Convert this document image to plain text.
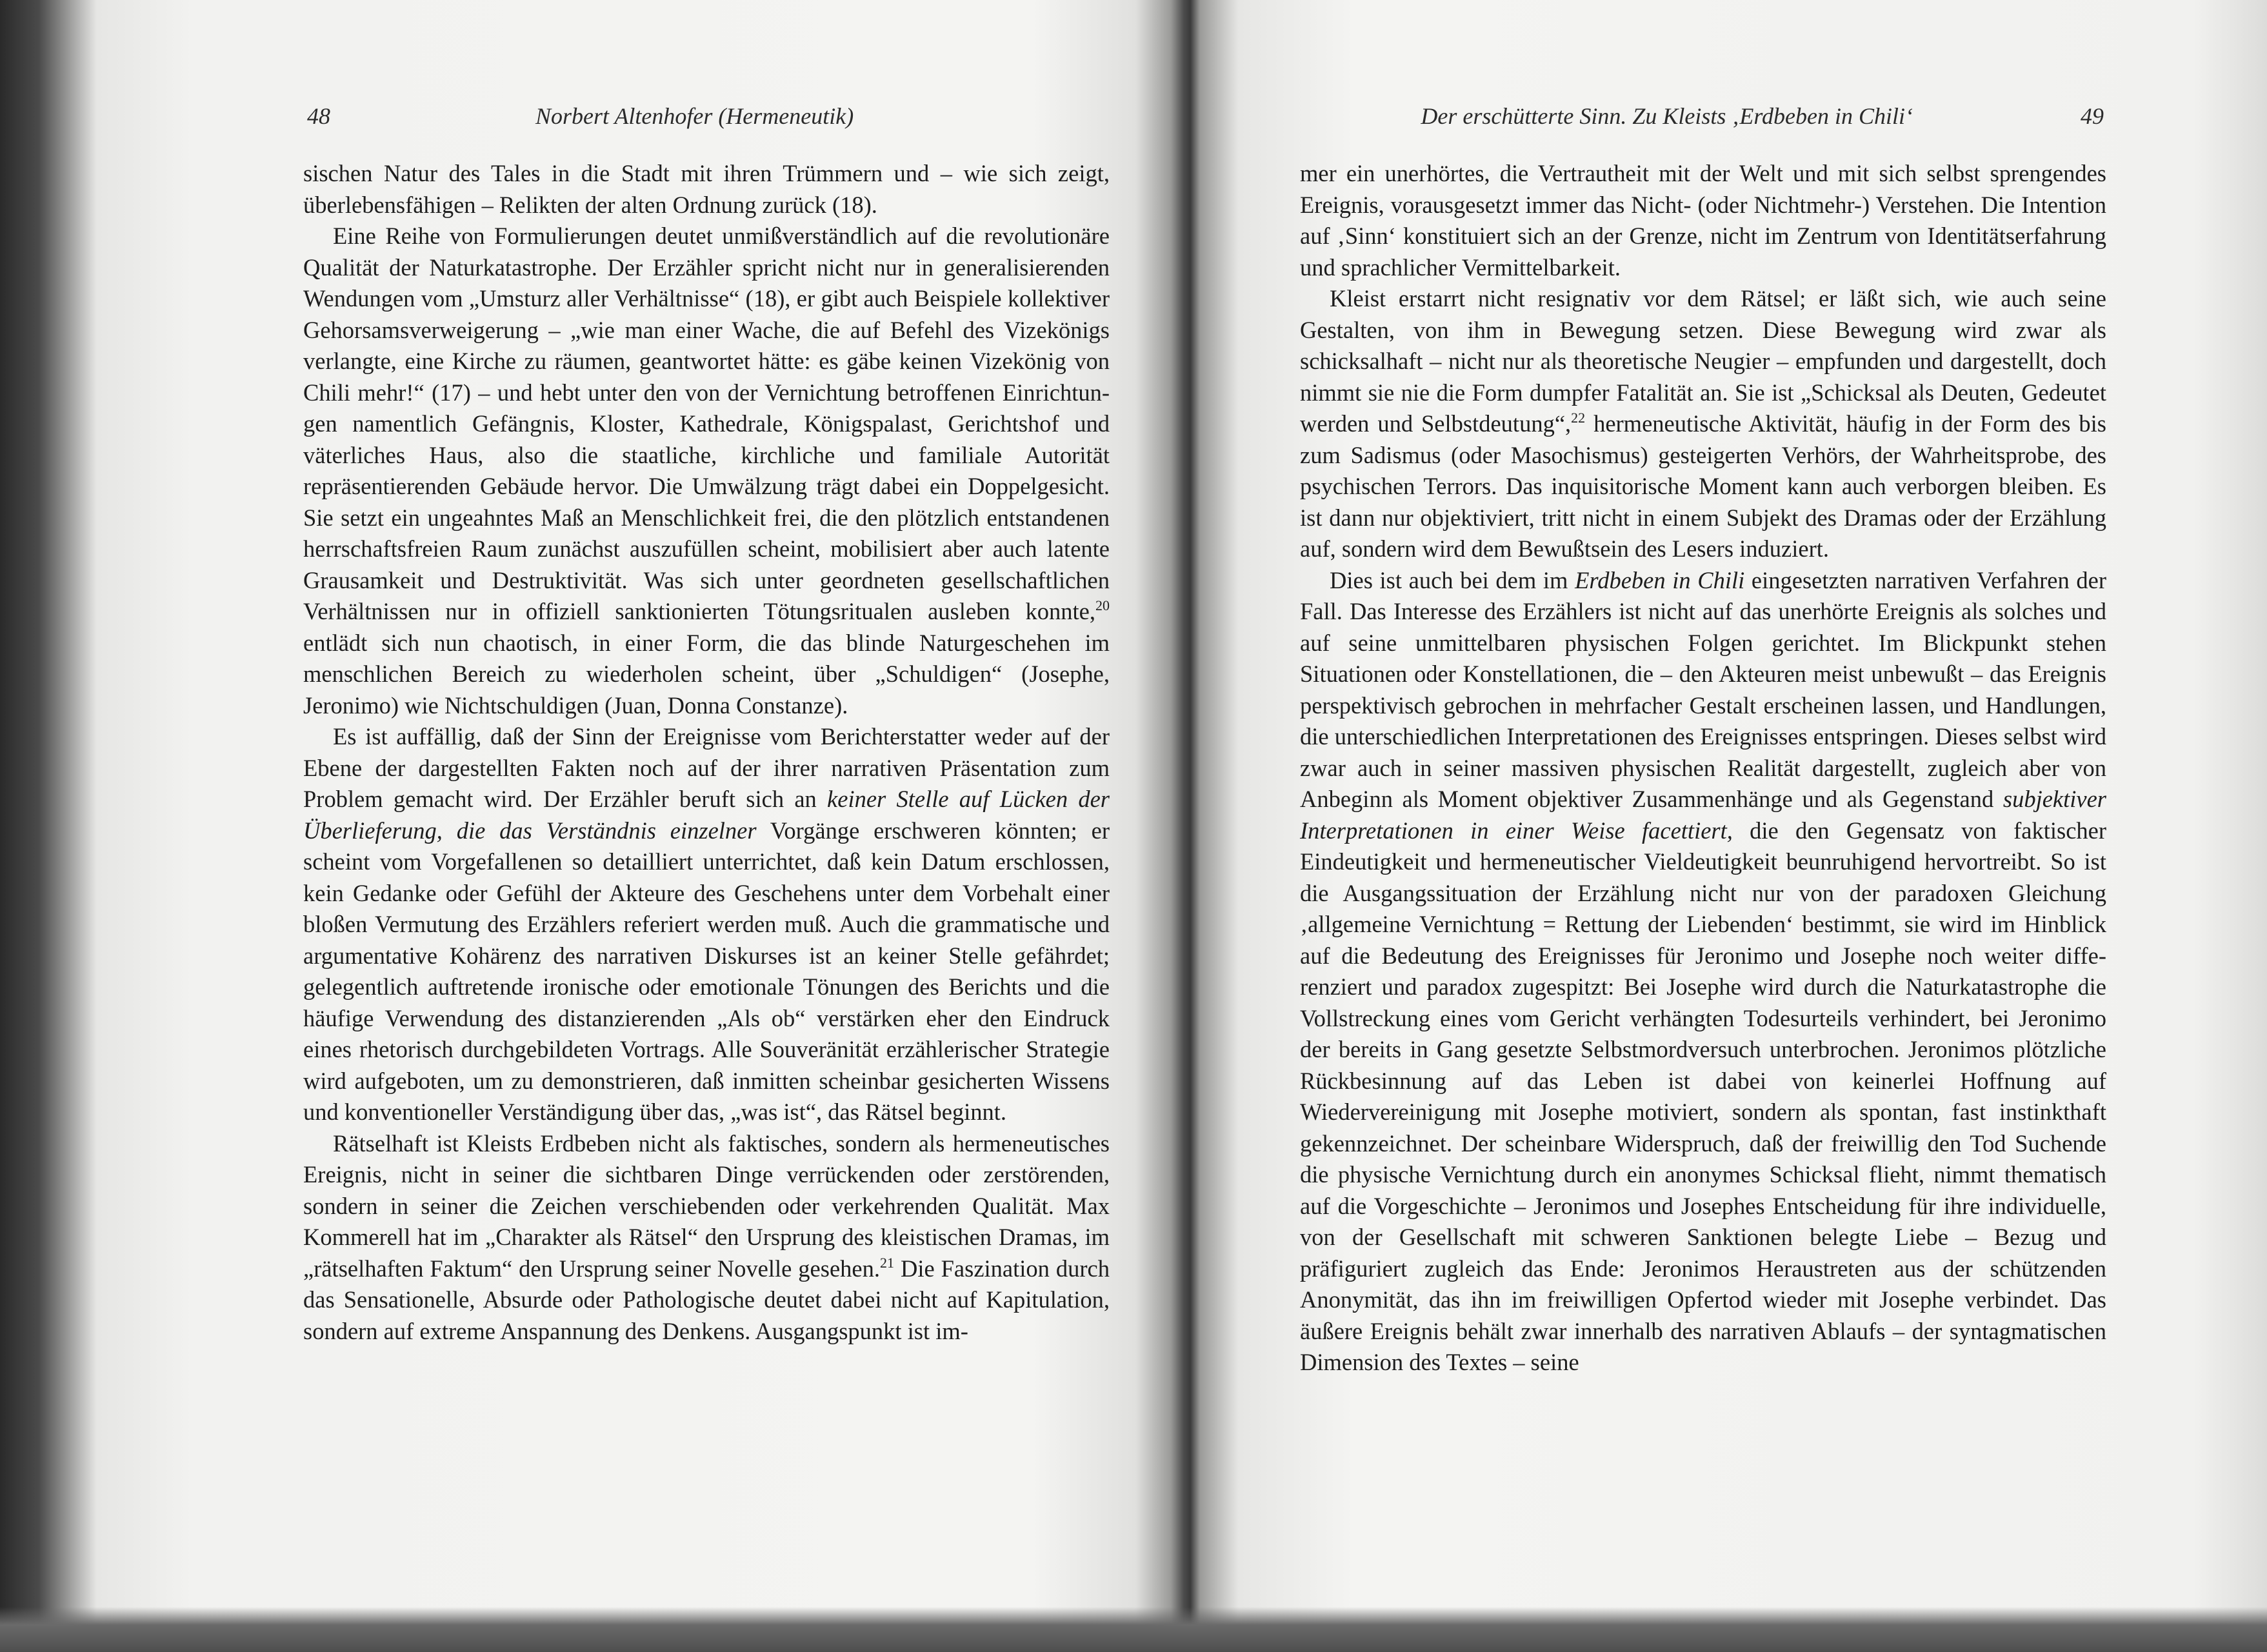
48	Norbert Altenhofer (Hermeneutik)

sischen Natur des Tales in die Stadt mit ihren Trümmern und – wie sich zeigt, überlebensfähigen – Relikten der alten Ordnung zurück (18).

Eine Reihe von Formulierungen deutet unmißverständlich auf die revolutionäre Qualität der Naturkatastrophe. Der Erzähler spricht nicht nur in generalisierenden Wendungen vom „Umsturz aller Verhältnisse“ (18), er gibt auch Beispiele kollektiver Gehorsamsverweigerung – „wie man einer Wache, die auf Befehl des Vizekönigs verlangte, eine Kirche zu räumen, geantwortet hätte: es gäbe keinen Vizekönig von Chili mehr!“ (17) – und hebt unter den von der Vernichtung betroffenen Einrichtungen namentlich Gefängnis, Kloster, Kathedrale, Königspalast, Gerichtshof und väterliches Haus, also die staatliche, kirchliche und familiale Autorität repräsentierenden Gebäude hervor. Die Umwälzung trägt dabei ein Doppelgesicht. Sie setzt ein ungeahntes Maß an Menschlichkeit frei, die den plötzlich entstandenen herrschaftsfreien Raum zunächst auszufüllen scheint, mobilisiert aber auch latente Grausamkeit und Destruktivität. Was sich unter geordneten gesellschaftlichen Verhältnissen nur in offiziell sanktionierten Tötungsritualen ausleben konnte,$^{20}$ entlädt sich nun chaotisch, in einer Form, die das blinde Naturgeschehen im menschlichen Bereich zu wiederholen scheint, über „Schuldigen“ (Josephe, Jeronimo) wie Nichtschuldigen (Juan, Donna Constanze).

Es ist auffällig, daß der Sinn der Ereignisse vom Berichterstatter weder auf der Ebene der dargestellten Fakten noch auf der ihrer narrativen Präsentation zum Problem gemacht wird. Der Erzähler beruft sich an keiner Stelle auf Lücken der Überlieferung, die das Verständnis einzelner Vorgänge erschweren könnten; er scheint vom Vorgefallenen so detailliert unterrichtet, daß kein Datum erschlossen, kein Gedanke oder Gefühl der Akteure des Geschehens unter dem Vorbehalt einer bloßen Vermutung des Erzählers referiert werden muß. Auch die grammatische und argumentative Kohärenz des narrativen Diskurses ist an keiner Stelle gefährdet; gelegentlich auftretende ironische oder emotionale Tönungen des Berichts und die häufige Verwendung des distanzierenden „Als ob“ verstärken eher den Eindruck eines rhetorisch durchgebildeten Vortrags. Alle Souveränität erzählerischer Strategie wird aufgeboten, um zu demonstrieren, daß inmitten scheinbar gesicherten Wissens und konventioneller Verständigung über das, „was ist“, das Rätsel beginnt.

Rätselhaft ist Kleists Erdbeben nicht als faktisches, sondern als hermeneutisches Ereignis, nicht in seiner die sichtbaren Dinge verrückenden oder zerstörenden, sondern in seiner die Zeichen verschiebenden oder verkehrenden Qualität. Max Kommerell hat im „Charakter als Rätsel“ den Ursprung des kleistischen Dramas, im „rätselhaften Faktum“ den Ursprung seiner Novelle gesehen.$^{21}$ Die Faszination durch das Sensationelle, Absurde oder Pathologische deutet dabei nicht auf Kapitulation, sondern auf extreme Anspannung des Denkens. Ausgangspunkt ist im-

Der erschütterte Sinn. Zu Kleists ‚Erdbeben in Chili‘	49

mer ein unerhörtes, die Vertrautheit mit der Welt und mit sich selbst sprengendes Ereignis, vorausgesetzt immer das Nicht- (oder Nichtmehr-) Verstehen. Die Intention auf ‚Sinn‘ konstituiert sich an der Grenze, nicht im Zentrum von Identitätserfahrung und sprachlicher Vermittelbarkeit.

Kleist erstarrt nicht resignativ vor dem Rätsel; er läßt sich, wie auch seine Gestalten, von ihm in Bewegung setzen. Diese Bewegung wird zwar als schicksalhaft – nicht nur als theoretische Neugier – empfunden und dargestellt, doch nimmt sie nie die Form dumpfer Fatalität an. Sie ist „Schicksal als Deuten, Gedeutet werden und Selbstdeutung“,$^{22}$ hermeneutische Aktivität, häufig in der Form des bis zum Sadismus (oder Masochismus) gesteigerten Verhörs, der Wahrheitsprobe, des psychischen Terrors. Das inquisitorische Moment kann auch verborgen bleiben. Es ist dann nur objektiviert, tritt nicht in einem Subjekt des Dramas oder der Erzählung auf, sondern wird dem Bewußtsein des Lesers induziert.

Dies ist auch bei dem im Erdbeben in Chili eingesetzten narrativen Verfahren der Fall. Das Interesse des Erzählers ist nicht auf das unerhörte Ereignis als solches und auf seine unmittelbaren physischen Folgen gerichtet. Im Blickpunkt stehen Situationen oder Konstellationen, die – den Akteuren meist unbewußt – das Ereignis perspektivisch gebrochen in mehrfacher Gestalt erscheinen lassen, und Handlungen, die unterschiedlichen Interpretationen des Ereignisses entspringen. Dieses selbst wird zwar auch in seiner massiven physischen Realität dargestellt, zugleich aber von Anbeginn als Moment objektiver Zusammenhänge und als Gegenstand subjektiver Interpretationen in einer Weise facettiert, die den Gegensatz von faktischer Eindeutigkeit und hermeneutischer Vieldeutigkeit beunruhigend hervortreibt. So ist die Ausgangssituation der Erzählung nicht nur von der paradoxen Gleichung ‚allgemeine Vernichtung = Rettung der Liebenden‘ bestimmt, sie wird im Hinblick auf die Bedeutung des Ereignisses für Jeronimo und Josephe noch weiter differenziert und paradox zugespitzt: Bei Josephe wird durch die Naturkatastrophe die Vollstreckung eines vom Gericht verhängten Todesurteils verhindert, bei Jeronimo der bereits in Gang gesetzte Selbstmordversuch unterbrochen. Jeronimos plötzliche Rückbesinnung auf das Leben ist dabei von keinerlei Hoffnung auf Wiedervereinigung mit Josephe motiviert, sondern als spontan, fast instinkthaft gekennzeichnet. Der scheinbare Widerspruch, daß der freiwillig den Tod Suchende die physische Vernichtung durch ein anonymes Schicksal flieht, nimmt thematisch auf die Vorgeschichte – Jeronimos und Josephes Entscheidung für ihre individuelle, von der Gesellschaft mit schweren Sanktionen belegte Liebe – Bezug und präfiguriert zugleich das Ende: Jeronimos Heraustreten aus der schützenden Anonymität, das ihn im freiwilligen Opfertod wieder mit Josephe verbindet. Das äußere Ereignis behält zwar innerhalb des narrativen Ablaufs – der syntagmatischen Dimension des Textes – seine
